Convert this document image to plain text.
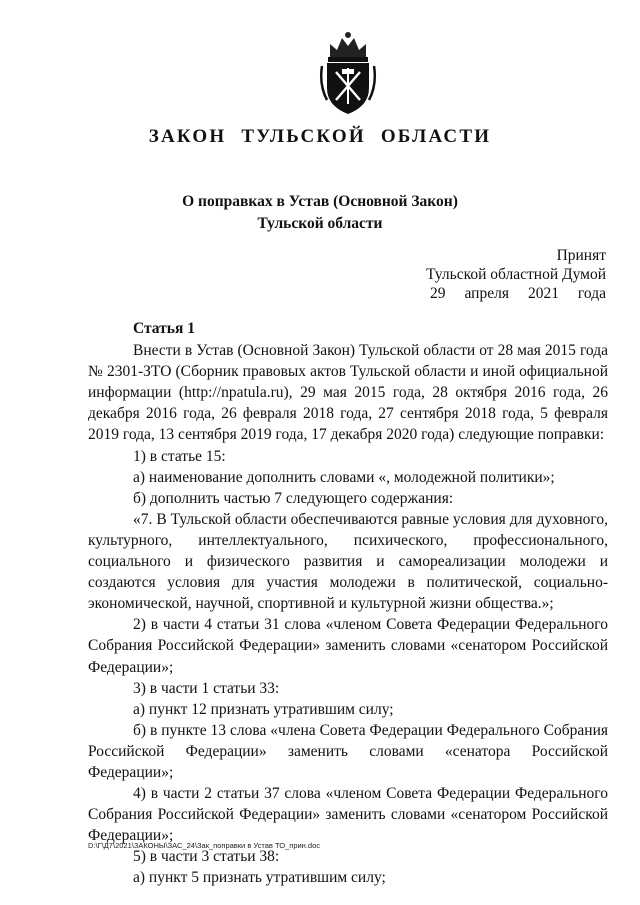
ЗАКОН ТУЛЬСКОЙ ОБЛАСТИ
О поправках в Устав (Основной Закон)
Тульской области
Принят
Тульской областной Думой
29 апреля 2021 года
Статья 1

Внести в Устав (Основной Закон) Тульской области от 28 мая 2015 года № 2301-ЗТО (Сборник правовых актов Тульской области и иной официальной информации (http://npatula.ru), 29 мая 2015 года, 28 октября 2016 года, 26 декабря 2016 года, 26 февраля 2018 года, 27 сентября 2018 года, 5 февраля 2019 года, 13 сентября 2019 года, 17 декабря 2020 года) следующие поправки:

1) в статье 15:

а) наименование дополнить словами «, молодежной политики»;

б) дополнить частью 7 следующего содержания:

«7. В Тульской области обеспечиваются равные условия для духовного, культурного, интеллектуального, психического, профессионального, социального и физического развития и самореализации молодежи и создаются условия для участия молодежи в политической, социально-экономической, научной, спортивной и культурной жизни общества.»;

2) в части 4 статьи 31 слова «членом Совета Федерации Федерального Собрания Российской Федерации» заменить словами «сенатором Российской Федерации»;

3) в части 1 статьи 33:

а) пункт 12 признать утратившим силу;

б) в пункте 13 слова «члена Совета Федерации Федерального Собрания Российской Федерации» заменить словами «сенатора Российской Федерации»;

4) в части 2 статьи 37 слова «членом Совета Федерации Федерального Собрания Российской Федерации» заменить словами «сенатором Российской Федерации»;

5) в части 3 статьи 38:

а) пункт 5 признать утратившим силу;

D:\Г\Д7\2021\ЗАКОНЫ\ЗАС_24\Зак_поправки в Устав ТО_прин.doc
